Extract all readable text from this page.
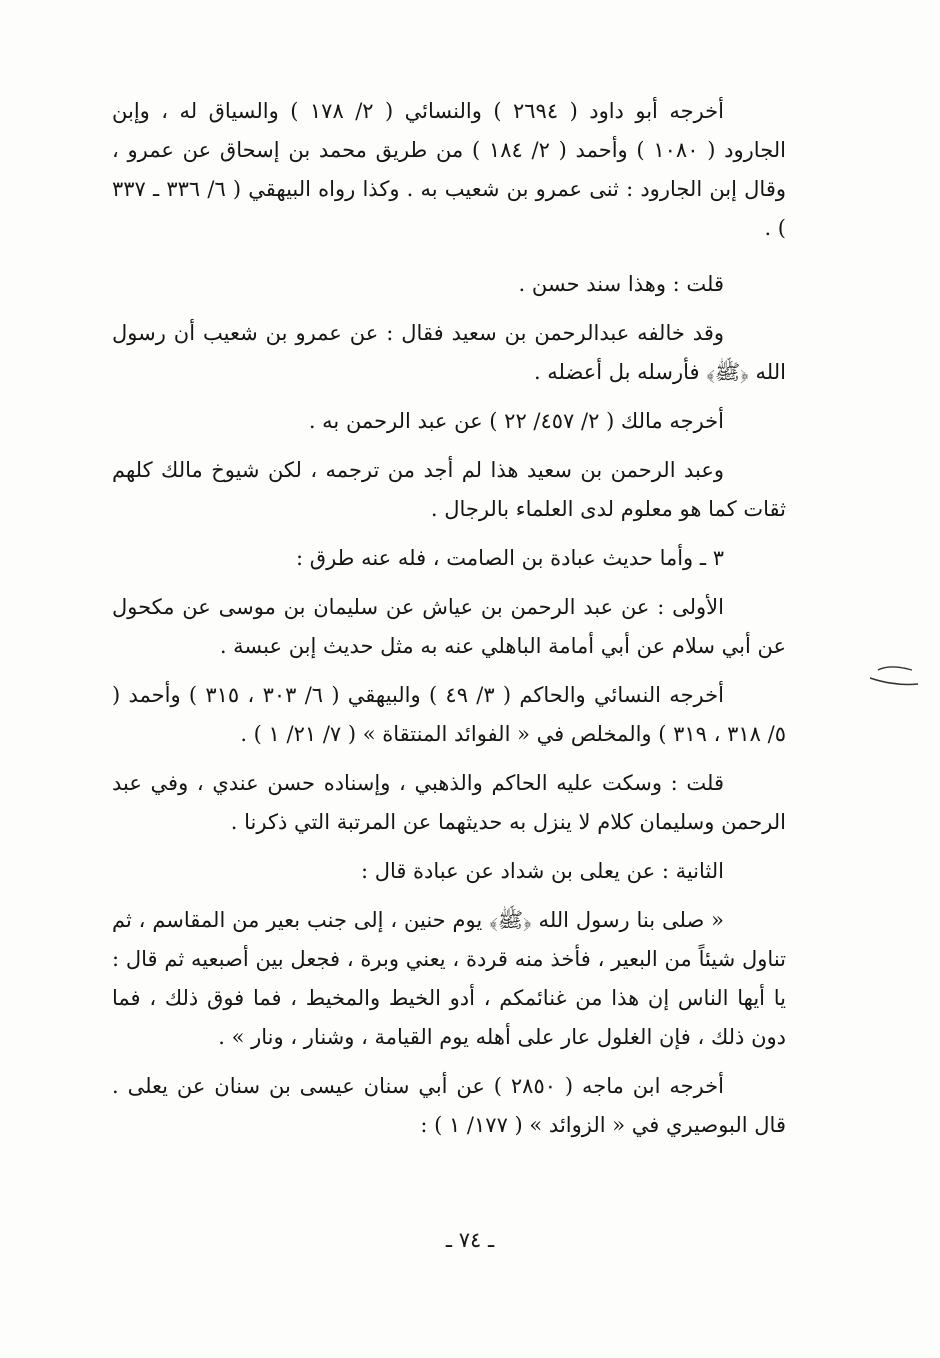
أخرجه أبو داود ( ٢٦٩٤ ) والنسائي ( ٢/ ١٧٨ ) والسياق له ، وإبن الجارود ( ١٠٨٠ ) وأحمد ( ٢/ ١٨٤ ) من طريق محمد بن إسحاق عن عمرو ، وقال إبن الجارود : ثنى عمرو بن شعيب به . وكذا رواه البيهقي ( ٦/ ٣٣٦ ـ ٣٣٧ ) .

قلت : وهذا سند حسن .

وقد خالفه عبدالرحمن بن سعيد فقال : عن عمرو بن شعيب أن رسول الله ﴿ﷺ﴾ فأرسله بل أعضله .

أخرجه مالك ( ٢/ ٤٥٧/ ٢٢ ) عن عبد الرحمن به .

وعبد الرحمن بن سعيد هذا لم أجد من ترجمه ، لكن شيوخ مالك كلهم ثقات كما هو معلوم لدى العلماء بالرجال .

٣ ـ وأما حديث عبادة بن الصامت ، فله عنه طرق :

الأولى : عن عبد الرحمن بن عياش عن سليمان بن موسى عن مكحول عن أبي سلام عن أبي أمامة الباهلي عنه به مثل حديث إبن عبسة .

أخرجه النسائي والحاكم ( ٣/ ٤٩ ) والبيهقي ( ٦/ ٣٠٣ ، ٣١٥ ) وأحمد ( ٥/ ٣١٨ ، ٣١٩ ) والمخلص في « الفوائد المنتقاة » ( ٧/ ٢١/ ١ ) .

قلت : وسكت عليه الحاكم والذهبي ، وإسناده حسن عندي ، وفي عبد الرحمن وسليمان كلام لا ينزل به حديثهما عن المرتبة التي ذكرنا .

الثانية : عن يعلى بن شداد عن عبادة قال :

« صلى بنا رسول الله ﴿ﷺ﴾ يوم حنين ، إلى جنب بعير من المقاسم ، ثم تناول شيئاً من البعير ، فأخذ منه قردة ، يعني وبرة ، فجعل بين أصبعيه ثم قال : يا أيها الناس إن هذا من غنائمكم ، أدو الخيط والمخيط ، فما فوق ذلك ، فما دون ذلك ، فإن الغلول عار على أهله يوم القيامة ، وشنار ، ونار » .

أخرجه ابن ماجه ( ٢٨٥٠ ) عن أبي سنان عيسى بن سنان عن يعلى . قال البوصيري في « الزوائد » ( ١٧٧/ ١ ) :

ـ ٧٤ ـ
